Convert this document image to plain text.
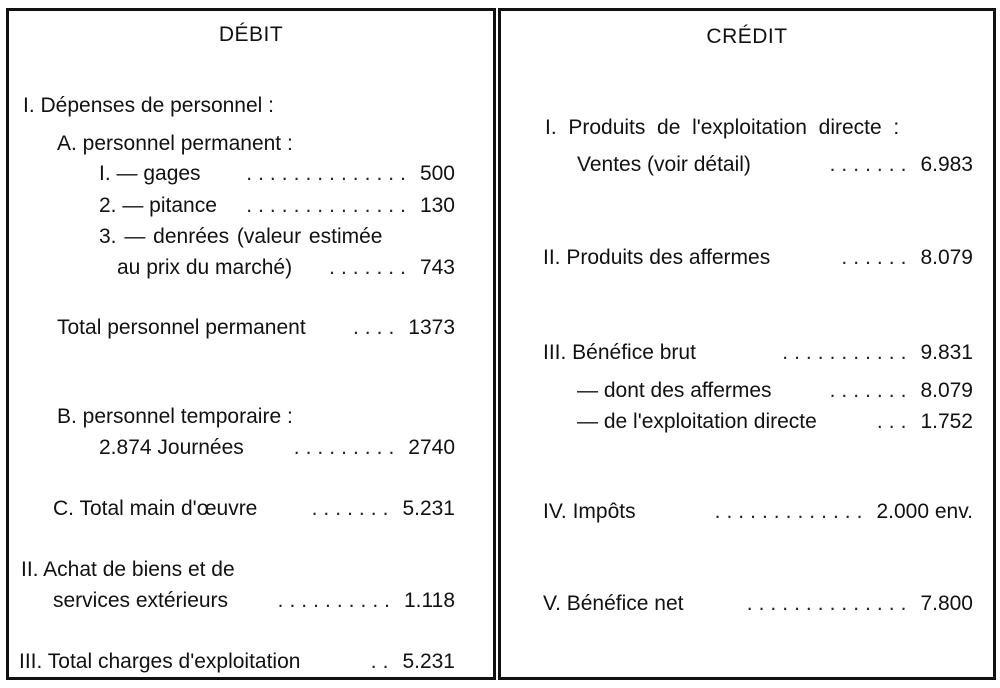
DÉBIT
I. Dépenses de personnel :
A. personnel permanent :
I. — gages	.............. 500
2. — pitance	.............. 130
3. — denrées (valeur estimée
au prix du marché)	....... 743
Total personnel permanent	.... 1373
B. personnel temporaire :
2.874 Journées	......... 2740
C. Total main d'œuvre	....... 5.231
II. Achat de biens et de
services extérieurs	.......... 1.118
III. Total charges d'exploitation	.. 5.231
CRÉDIT
I.  Produits  de  l'exploitation  directe  :
Ventes (voir détail)	....... 6.983
II. Produits des affermes	...... 8.079
III. Bénéfice brut	........... 9.831
— dont des affermes	....... 8.079
— de l'exploitation directe	... 1.752
IV. Impôts	............. 2.000 env.
V. Bénéfice net	.............. 7.800
